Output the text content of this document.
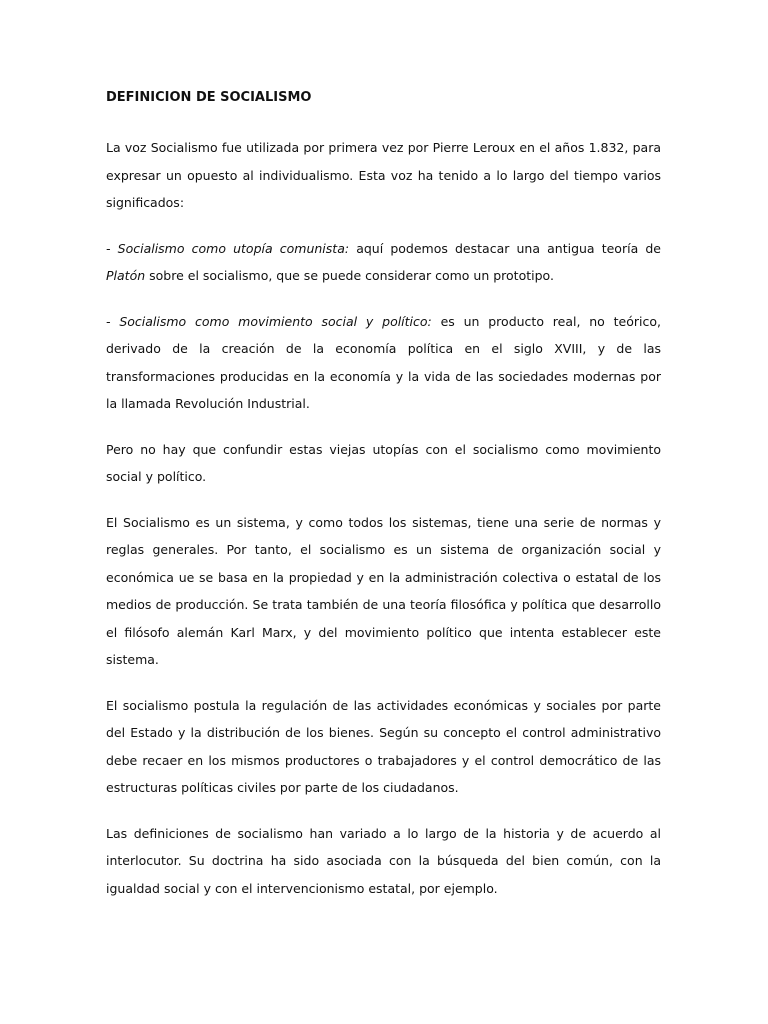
DEFINICION DE SOCIALISMO

La voz Socialismo fue utilizada por primera vez por Pierre Leroux en el años 1.832, para expresar un opuesto al individualismo. Esta voz ha tenido a lo largo del tiempo varios significados:

- Socialismo como utopía comunista: aquí podemos destacar una antigua teoría de Platón sobre el socialismo, que se puede considerar como un prototipo.

- Socialismo como movimiento social y político: es un producto real, no teórico, derivado de la creación de la economía política en el siglo XVIII, y de las transformaciones producidas en la economía y la vida de las sociedades modernas por la llamada Revolución Industrial.

Pero no hay que confundir estas viejas utopías con el socialismo como movimiento social y político.

El Socialismo es un sistema, y como todos los sistemas, tiene una serie de normas y reglas generales. Por tanto, el socialismo es un sistema de organización social y económica ue se basa en la propiedad y en la administración colectiva o estatal de los medios de producción. Se trata también de una teoría filosófica y política que desarrollo el filósofo alemán Karl Marx, y del movimiento político que intenta establecer este sistema.

El socialismo postula la regulación de las actividades económicas y sociales por parte del Estado y la distribución de los bienes. Según su concepto el control administrativo debe recaer en los mismos productores o trabajadores y el control democrático de las estructuras políticas civiles por parte de los ciudadanos.

Las definiciones de socialismo han variado a lo largo de la historia y de acuerdo al interlocutor. Su doctrina ha sido asociada con la búsqueda del bien común, con la igualdad social y con el intervencionismo estatal, por ejemplo.
